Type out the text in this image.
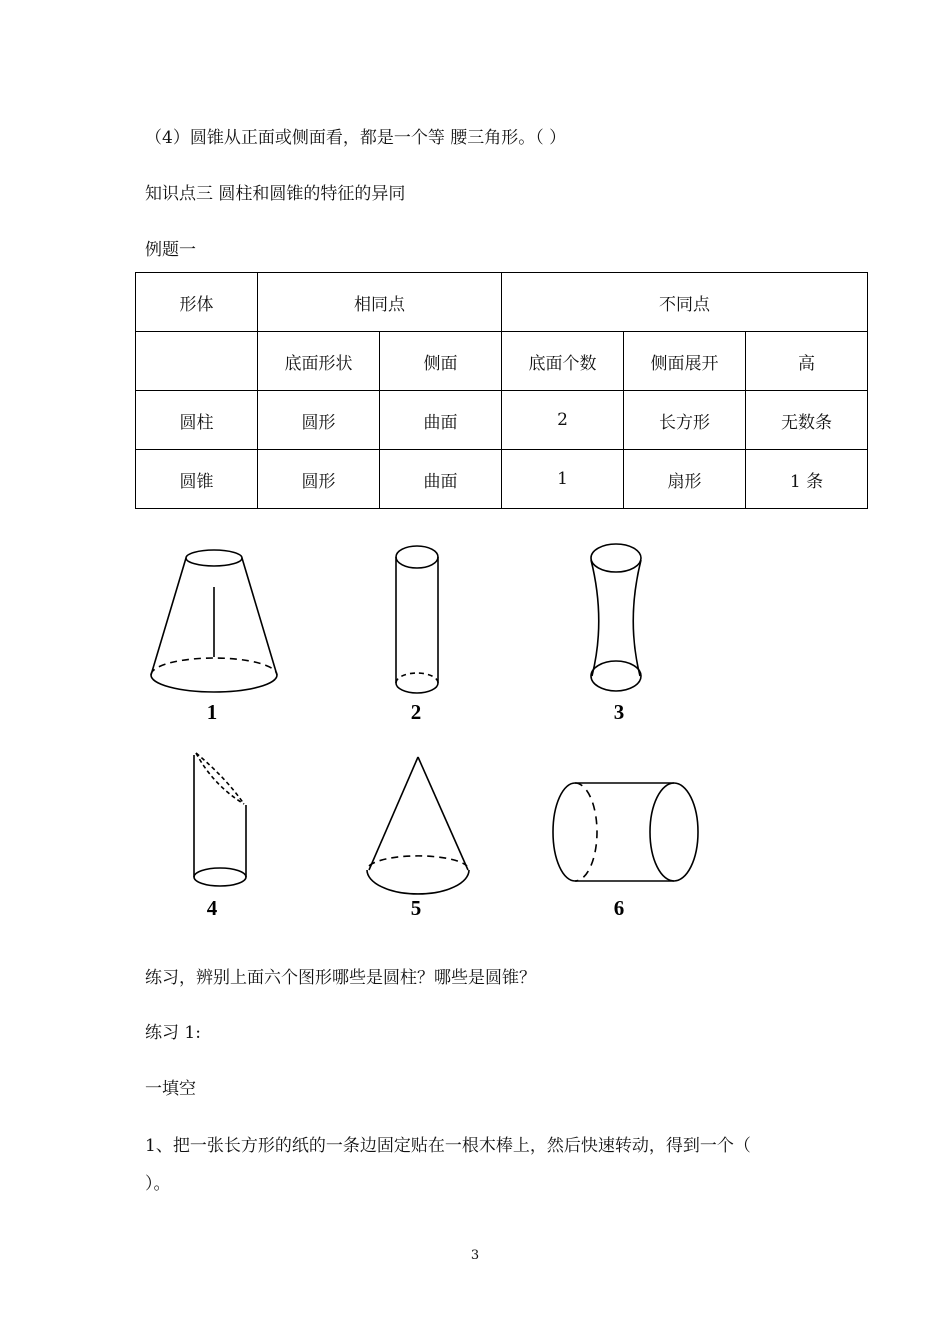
（4）圆锥从正面或侧面看，都是一个等 腰三角形。（ ）
知识点三 圆柱和圆锥的特征的异同
例题一
形体	相同点		不同点		
	底面形状	侧面	底面个数	侧面展开	高
圆柱	圆形	曲面	2	长方形	无数条
圆锥	圆形	曲面	1	扇形	1 条
1	2	3
4	5	6
练习，辨别上面六个图形哪些是圆柱？哪些是圆锥？
练习 1:
一填空
1、把一张长方形的纸的一条边固定贴在一根木棒上，然后快速转动，得到一个（
）。
3
